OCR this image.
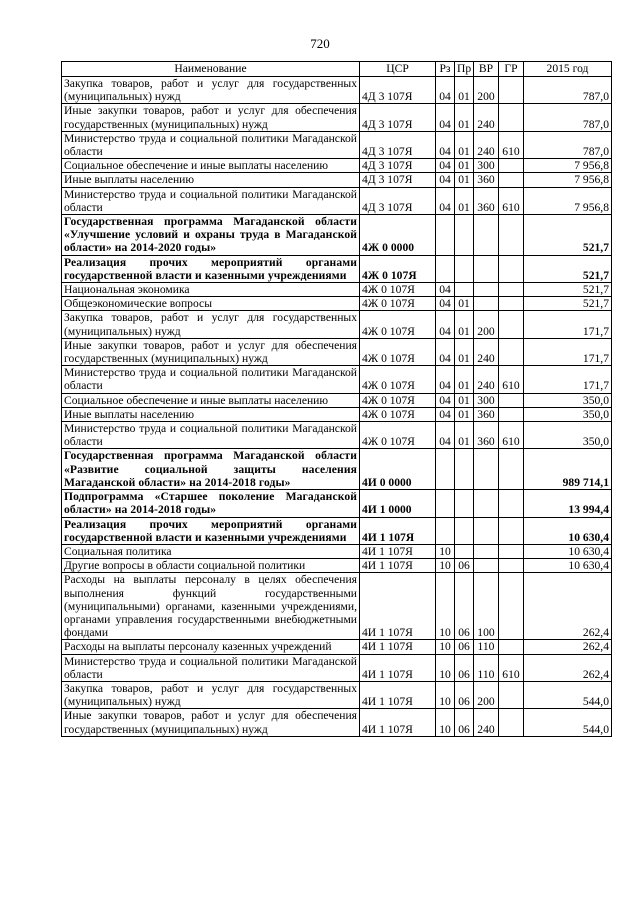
720
Наименование	ЦСР	Рз	Пр	ВР	ГР	2015 год
Закупка товаров, работ и услуг для государственных (муниципальных) нужд	4Д 3 107Я	04	01	200		787,0
Иные закупки товаров, работ и услуг для обеспечения государственных (муниципальных) нужд	4Д 3 107Я	04	01	240		787,0
Министерство труда и социальной политики Магаданской области	4Д 3 107Я	04	01	240	610	787,0
Социальное обеспечение и иные выплаты населению	4Д 3 107Я	04	01	300		7 956,8
Иные выплаты населению	4Д 3 107Я	04	01	360		7 956,8
Министерство труда и социальной политики Магаданской области	4Д 3 107Я	04	01	360	610	7 956,8
Государственная программа Магаданской области «Улучшение условий и охраны труда в Магаданской области» на 2014-2020 годы»	4Ж 0 0000					521,7
Реализация прочих мероприятий органами государственной власти и казенными учреждениями	4Ж 0 107Я					521,7
Национальная экономика	4Ж 0 107Я	04				521,7
Общеэкономические вопросы	4Ж 0 107Я	04	01			521,7
Закупка товаров, работ и услуг для государственных (муниципальных) нужд	4Ж 0 107Я	04	01	200		171,7
Иные закупки товаров, работ и услуг для обеспечения государственных (муниципальных) нужд	4Ж 0 107Я	04	01	240		171,7
Министерство труда и социальной политики Магаданской области	4Ж 0 107Я	04	01	240	610	171,7
Социальное обеспечение и иные выплаты населению	4Ж 0 107Я	04	01	300		350,0
Иные выплаты населению	4Ж 0 107Я	04	01	360		350,0
Министерство труда и социальной политики Магаданской области	4Ж 0 107Я	04	01	360	610	350,0
Государственная программа Магаданской области «Развитие социальной защиты населения Магаданской области» на 2014-2018 годы»	4И 0 0000					989 714,1
Подпрограмма «Старшее поколение Магаданской области» на 2014-2018 годы»	4И 1 0000					13 994,4
Реализация прочих мероприятий органами государственной власти и казенными учреждениями	4И 1 107Я					10 630,4
Социальная политика	4И 1 107Я	10				10 630,4
Другие вопросы в области социальной политики	4И 1 107Я	10	06			10 630,4
Расходы на выплаты персоналу в целях обеспечения выполнения функций государственными (муниципальными) органами, казенными учреждениями, органами управления государственными внебюджетными фондами	4И 1 107Я	10	06	100		262,4
Расходы на выплаты персоналу казенных учреждений	4И 1 107Я	10	06	110		262,4
Министерство труда и социальной политики Магаданской области	4И 1 107Я	10	06	110	610	262,4
Закупка товаров, работ и услуг для государственных (муниципальных) нужд	4И 1 107Я	10	06	200		544,0
Иные закупки товаров, работ и услуг для обеспечения государственных (муниципальных) нужд	4И 1 107Я	10	06	240		544,0
